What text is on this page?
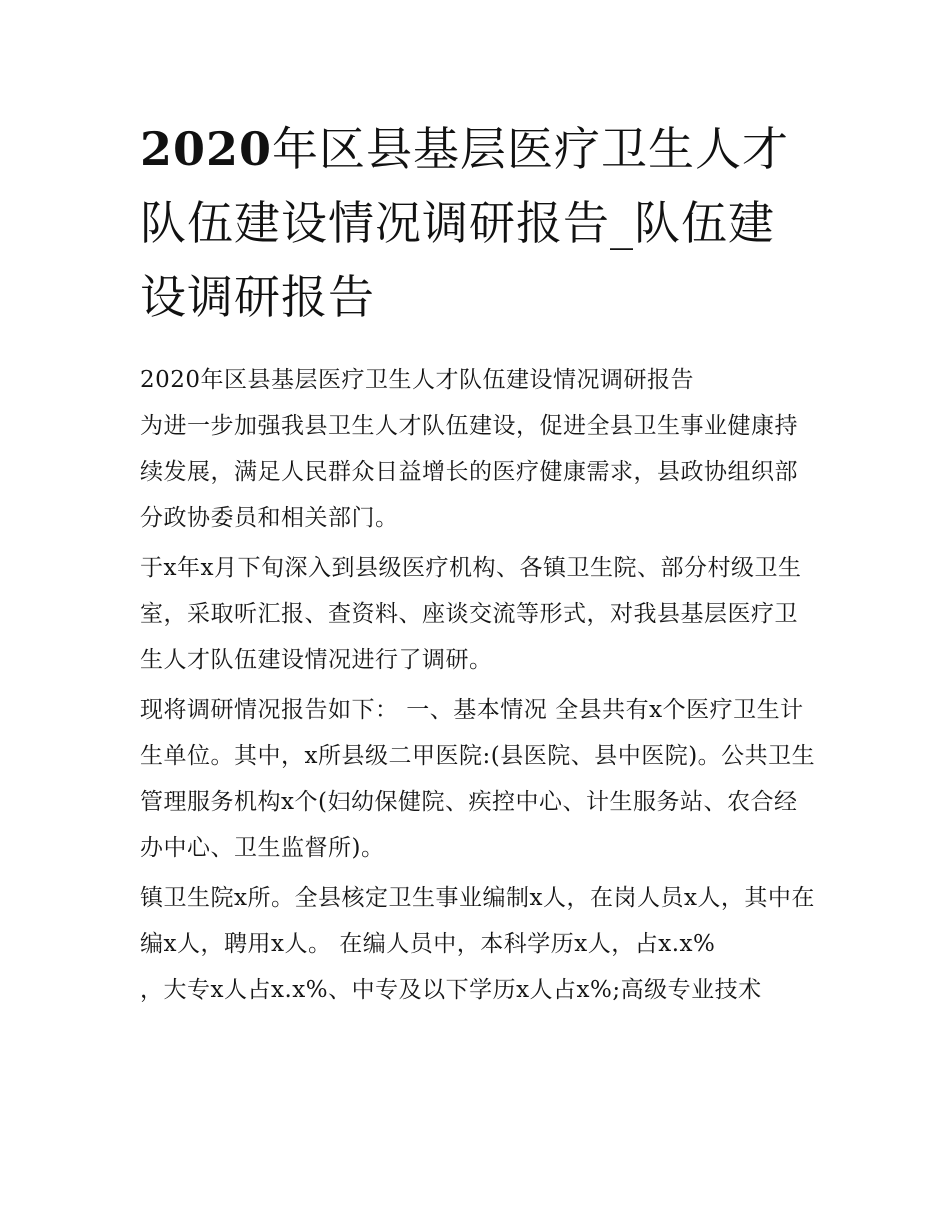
2020年区县基层医疗卫生人才队伍建设情况调研报告_队伍建设调研报告

2020年区县基层医疗卫生人才队伍建设情况调研报告

为进一步加强我县卫生人才队伍建设，促进全县卫生事业健康持续发展，满足人民群众日益增长的医疗健康需求，县政协组织部分政协委员和相关部门。

于x年x月下旬深入到县级医疗机构、各镇卫生院、部分村级卫生室，采取听汇报、查资料、座谈交流等形式，对我县基层医疗卫生人才队伍建设情况进行了调研。

现将调研情况报告如下： 一、基本情况 全县共有x个医疗卫生计生单位。其中，x所县级二甲医院:(县医院、县中医院)。公共卫生管理服务机构x个(妇幼保健院、疾控中心、计生服务站、农合经办中心、卫生监督所)。

镇卫生院x所。全县核定卫生事业编制x人，在岗人员x人，其中在编x人，聘用x人。 在编人员中，本科学历x人，占x.x%

，大专x人占x.x%、中专及以下学历x人占x%;高级专业技术
